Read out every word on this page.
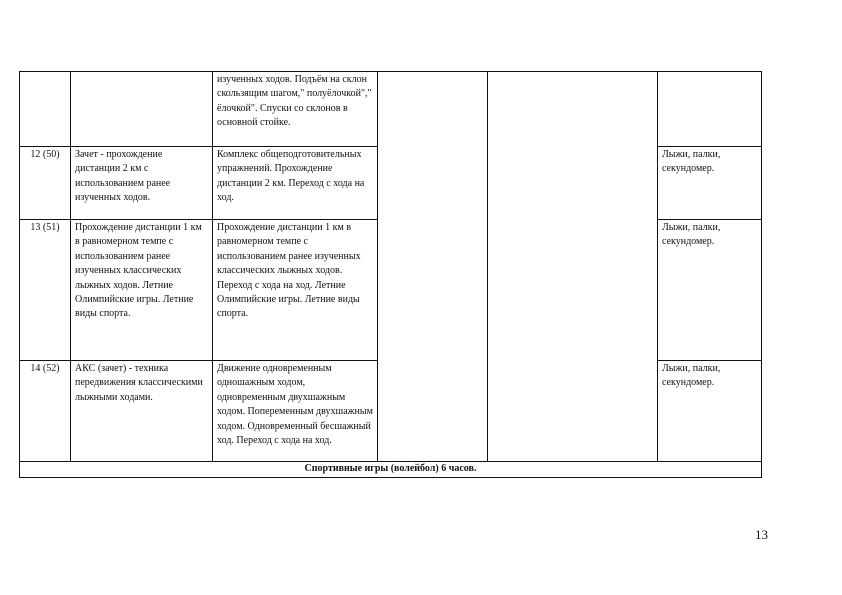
		изученных ходов. Подъём на склон скользящим шагом," полуёлочкой"," ёлочкой". Спуски со склонов в основной стойке.			
12 (50)	Зачет - прохождение дистанции 2 км с использованием ранее изученных ходов.	Комплекс общеподготовительных упражнений. Прохождение дистанции 2 км. Переход с хода на ход.			Лыжи, палки, секундомер.
13 (51)	Прохождение дистанции 1 км в равномерном темпе с использованием ранее изученных классических лыжных ходов. Летние Олимпийские игры. Летние виды спорта.	Прохождение дистанции 1 км в равномерном темпе с использованием ранее изученных классических лыжных ходов. Переход с хода на ход. Летние Олимпийские игры. Летние виды спорта.			Лыжи, палки, секундомер.
14 (52)	АКС (зачет) - техника передвижения классическими лыжными ходами.	Движение одновременным одношажным ходом, одновременным двухшажным ходом. Попеременным двухшажным ходом. Одновременный бесшажный ход. Переход с хода на ход.			Лыжи, палки, секундомер.
Спортивные игры (волейбол) 6 часов.					
13
